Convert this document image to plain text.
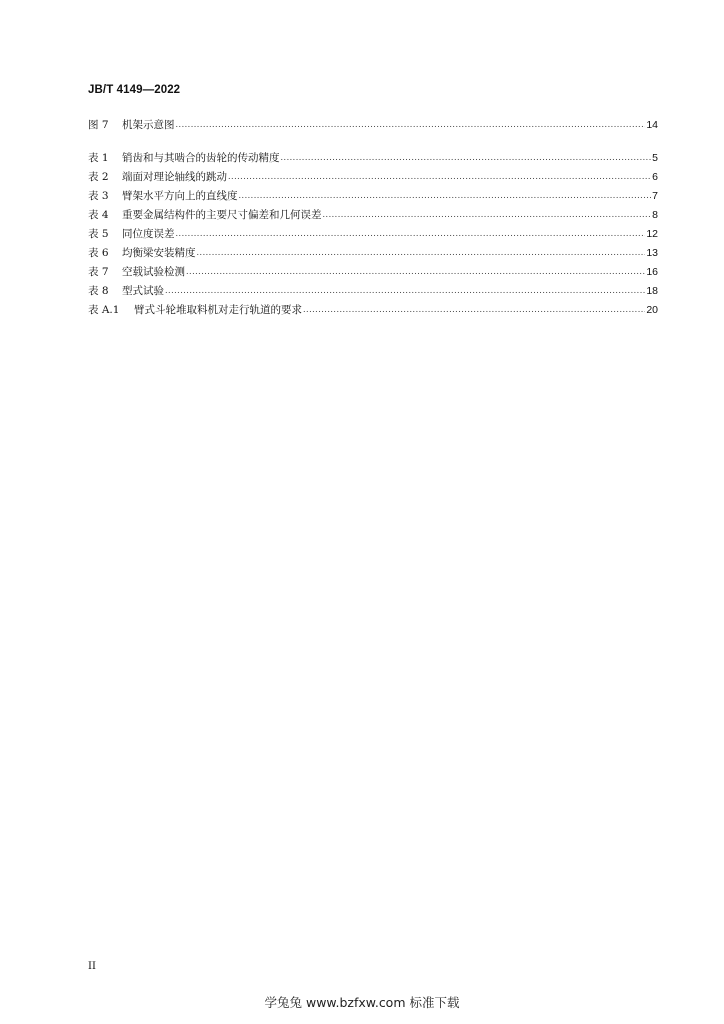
JB/T 4149—2022
图 7	机架示意图 .....	14
表 1	销齿和与其啮合的齿轮的传动精度 .....	5
表 2	端面对理论轴线的跳动 .....	6
表 3	臂架水平方向上的直线度 .....	7
表 4	重要金属结构件的主要尺寸偏差和几何误差 .....	8
表 5	同位度误差 .....	12
表 6	均衡梁安装精度 .....	13
表 7	空载试验检测 .....	16
表 8	型式试验 .....	18
表 A.1	臂式斗轮堆取料机对走行轨道的要求 .....	20
II
学兔兔 www.bzfxw.com 标准下载
